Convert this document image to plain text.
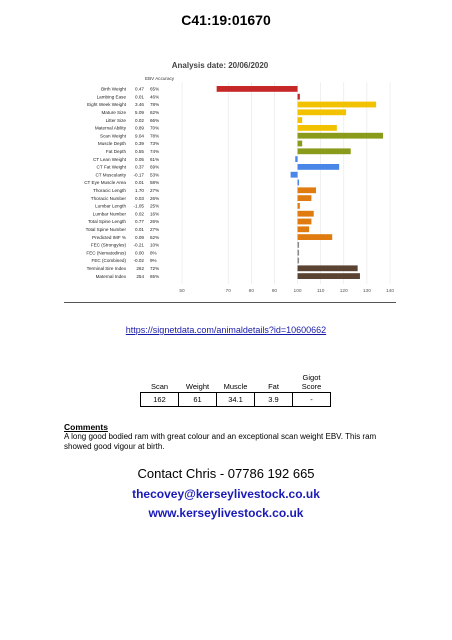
C41:19:01670
Analysis date: 20/06/2020
EBV Accuracy
50	70	80	90	100	110	120	130	140
Birth Weight 0.47 65%
Lambing Ease 0.01 46%
Eight Week Weight 3.46 78%
Mature Size 5.09 62%
Litter Size 0.02 66%
Maternal Ability 0.89 70%
Scan Weight 9.04 78%
Muscle Depth 0.39 73%
Fat Depth 0.55 74%
CT Lean Weight 0.05 61%
CT Fat Weight 0.37 69%
CT Muscularity -0.17 53%
CT Eye Muscle Area 0.01 58%
Thoracic Length 1.70 27%
Thoracic Number 0.03 26%
Lumbar Length -1.05 25%
Lumbar Number 0.02 16%
Total Spine Length 0.77 26%
Total Spine Number 0.01 27%
Predicted IMF % 0.09 62%
FEC (Strongyles) -0.21 10%
FEC (Nematodirus) 0.00 8%
FEC (Combined) -0.02 9%
Terminal Sire Index 262 72%
Maternal Index 254 65%
https://signetdata.com/animaldetails?id=10600662
Scan	Weight	Muscle	Fat	Gigot Score
162	61	34.1	3.9	-
Comments
A long good bodied ram with great colour and an exceptional scan weight EBV. This ram showed good vigour at birth.
Contact Chris - 07786 192 665
thecovey@kerseylivestock.co.uk
www.kerseylivestock.co.uk
